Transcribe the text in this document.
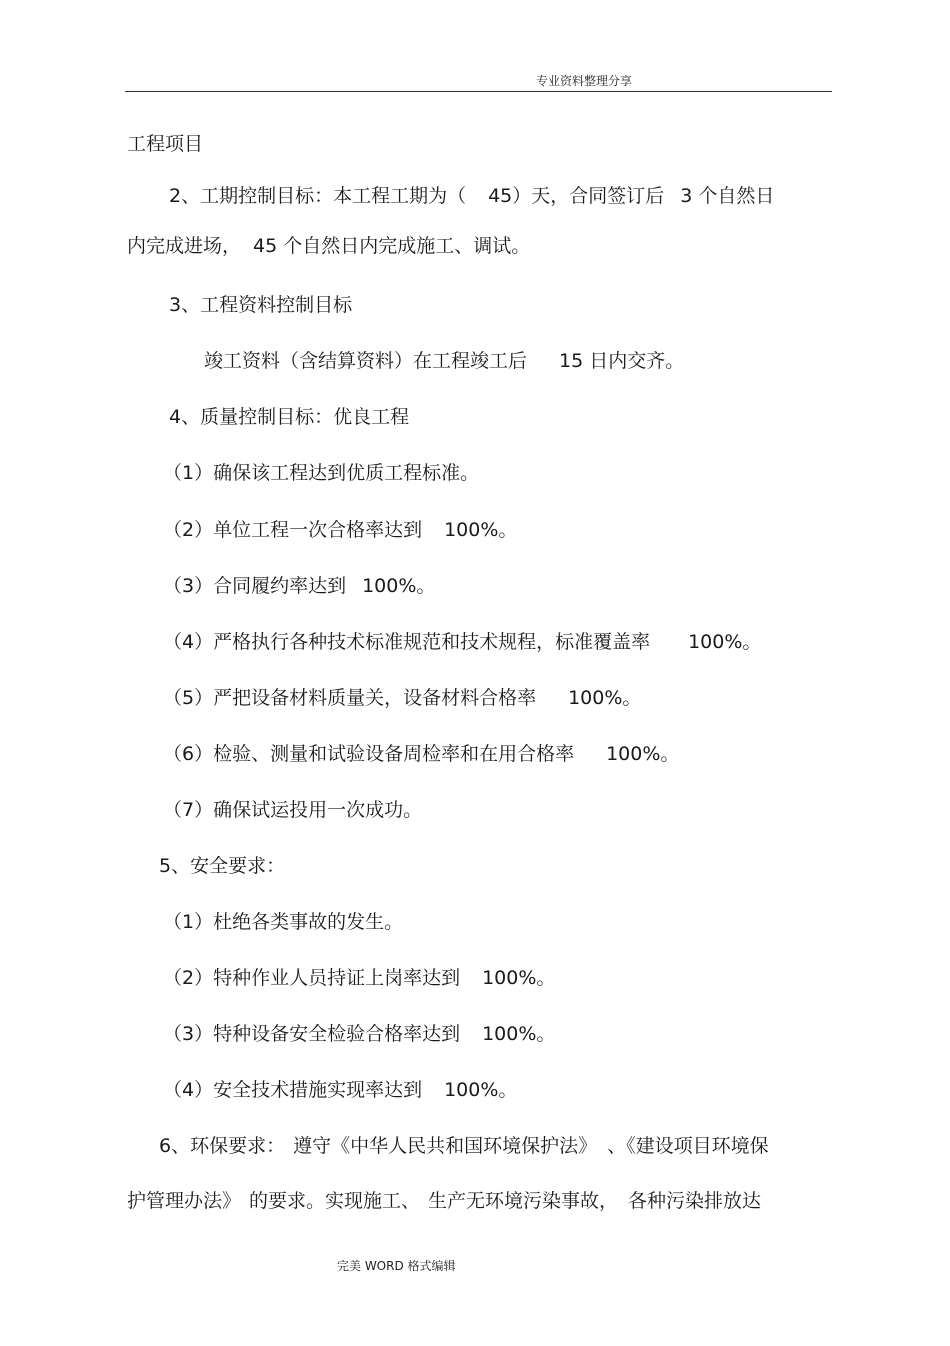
专业资料整理分享
工程项目
2、工期控制目标：本工程工期为（ 45）天，合同签订后 3 个自然日
内完成进场， 45 个自然日内完成施工、调试。
3、工程资料控制目标
竣工资料（含结算资料）在工程竣工后 15 日内交齐。
4、质量控制目标：优良工程
（1）确保该工程达到优质工程标准。
（2）单位工程一次合格率达到 100%。
（3）合同履约率达到 100%。
（4）严格执行各种技术标准规范和技术规程，标准覆盖率 100%。
（5）严把设备材料质量关，设备材料合格率 100%。
（6）检验、测量和试验设备周检率和在用合格率 100%。
（7）确保试运投用一次成功。
5、安全要求：
（1）杜绝各类事故的发生。
（2）特种作业人员持证上岗率达到 100%。
（3）特种设备安全检验合格率达到 100%。
（4）安全技术措施实现率达到 100%。
6、环保要求： 遵守《中华人民共和国环境保护法》 、《建设项目环境保
护管理办法》 的要求。实现施工、 生产无环境污染事故， 各种污染排放达
完美 WORD 格式编辑
